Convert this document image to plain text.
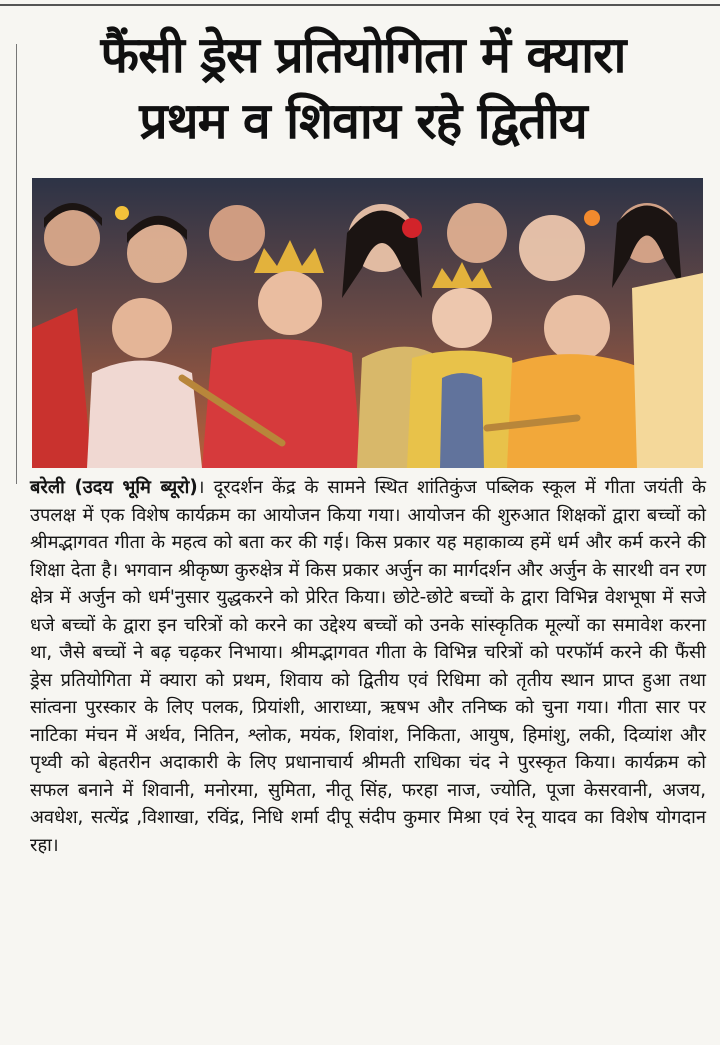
फैंसी ड्रेस प्रतियोगिता में क्यारा
प्रथम व शिवाय रहे द्वितीय
बरेली (उदय भूमि ब्यूरो)। दूरदर्शन केंद्र के सामने स्थित शांतिकुंज पब्लिक स्कूल में गीता जयंती के उपलक्ष में एक विशेष कार्यक्रम का आयोजन किया गया। आयोजन की शुरुआत शिक्षकों द्वारा बच्चों को श्रीमद्भागवत गीता के महत्व को बता कर की गई। किस प्रकार यह महाकाव्य हमें धर्म और कर्म करने की शिक्षा देता है। भगवान श्रीकृष्ण कुरुक्षेत्र में किस प्रकार अर्जुन का मार्गदर्शन और अर्जुन के सारथी वन रण क्षेत्र में अर्जुन को धर्म'नुसार युद्धकरने को प्रेरित किया। छोटे-छोटे बच्चों के द्वारा विभिन्न वेशभूषा में सजे धजे बच्चों के द्वारा इन चरित्रों को करने का उद्देश्य बच्चों को उनके सांस्कृतिक मूल्यों का समावेश करना था, जैसे बच्चों ने बढ़ चढ़कर निभाया। श्रीमद्भागवत गीता के विभिन्न चरित्रों को परफॉर्म करने की फैंसी ड्रेस प्रतियोगिता में क्यारा को प्रथम, शिवाय को द्वितीय एवं रिधिमा को तृतीय स्थान प्राप्त हुआ तथा सांत्वना पुरस्कार के लिए पलक, प्रियांशी, आराध्या, ऋषभ और तनिष्क को चुना गया। गीता सार पर नाटिका मंचन में अर्थव, नितिन, श्लोक, मयंक, शिवांश, निकिता, आयुष, हिमांशु, लकी, दिव्यांश और पृथ्वी को बेहतरीन अदाकारी के लिए प्रधानाचार्य श्रीमती राधिका चंद ने पुरस्कृत किया। कार्यक्रम को सफल बनाने में शिवानी, मनोरमा, सुमिता, नीतू सिंह, फरहा नाज, ज्योति, पूजा केसरवानी, अजय, अवधेश, सत्येंद्र ,विशाखा, रविंद्र, निधि शर्मा दीपू संदीप कुमार मिश्रा एवं रेनू यादव का विशेष योगदान रहा।
